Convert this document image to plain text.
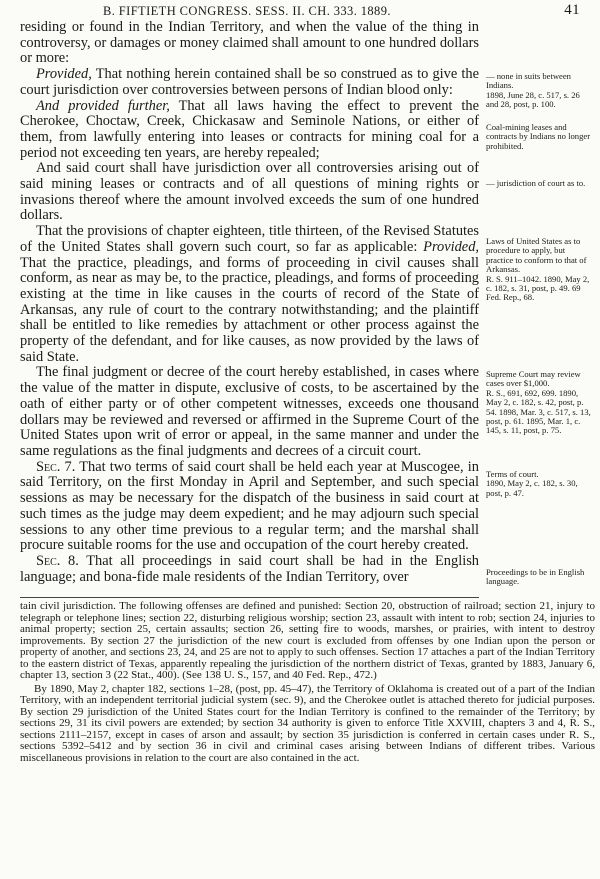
B. FIFTIETH CONGRESS. SESS. II. CH. 333. 1889.	41

residing or found in the Indian Territory, and when the value of the thing in controversy, or damages or money claimed shall amount to one hundred dollars or more:

Provided, That nothing herein contained shall be so construed as to give the court jurisdiction over controversies between persons of Indian blood only:

And provided further, That all laws having the effect to prevent the Cherokee, Choctaw, Creek, Chickasaw and Seminole Nations, or either of them, from lawfully entering into leases or contracts for mining coal for a period not exceeding ten years, are hereby repealed;

And said court shall have jurisdiction over all controversies arising out of said mining leases or contracts and of all questions of mining rights or invasions thereof where the amount involved exceeds the sum of one hundred dollars.

That the provisions of chapter eighteen, title thirteen, of the Revised Statutes of the United States shall govern such court, so far as applicable: Provided, That the practice, pleadings, and forms of proceeding in civil causes shall conform, as near as may be, to the practice, pleadings, and forms of proceeding existing at the time in like causes in the courts of record of the State of Arkansas, any rule of court to the contrary notwithstanding; and the plaintiff shall be entitled to like remedies by attachment or other process against the property of the defendant, and for like causes, as now provided by the laws of said State.

The final judgment or decree of the court hereby established, in cases where the value of the matter in dispute, exclusive of costs, to be ascertained by the oath of either party or of other competent witnesses, exceeds one thousand dollars may be reviewed and reversed or affirmed in the Supreme Court of the United States upon writ of error or appeal, in the same manner and under the same regulations as the final judgments and decrees of a circuit court.

Sec. 7. That two terms of said court shall be held each year at Muscogee, in said Territory, on the first Monday in April and September, and such special sessions as may be necessary for the dispatch of the business in said court at such times as the judge may deem expedient; and he may adjourn such special sessions to any other time previous to a regular term; and the marshal shall procure suitable rooms for the use and occupation of the court hereby created.

Sec. 8. That all proceedings in said court shall be had in the English language; and bona-fide male residents of the Indian Territory, over

— none in suits between Indians.
1898, June 28, c. 517, s. 26 and 28, post, p. 100.
Coal-mining leases and contracts by Indians no longer prohibited.
— jurisdiction of court as to.
Laws of United States as to procedure to apply, but practice to conform to that of Arkansas.
R. S. 911–1042. 1890, May 2, c. 182, s. 31, post, p. 49. 69 Fed. Rep., 68.
Supreme Court may review cases over $1,000.
R. S., 691, 692, 699. 1890, May 2, c. 182, s. 42, post, p. 54. 1898, Mar. 3, c. 517, s. 13, post, p. 61. 1895, Mar. 1, c. 145, s. 11, post, p. 75.
Terms of court.
1890, May 2, c. 182, s. 30, post, p. 47.
Proceedings to be in English language.

tain civil jurisdiction. The following offenses are defined and punished: Section 20, obstruction of railroad; section 21, injury to telegraph or telephone lines; section 22, disturbing religious worship; section 23, assault with intent to rob; section 24, injuries to animal property; section 25, certain assaults; section 26, setting fire to woods, marshes, or prairies, with intent to destroy improvements. By section 27 the jurisdiction of the new court is excluded from offenses by one Indian upon the person or property of another, and sections 23, 24, and 25 are not to apply to such offenses. Section 17 attaches a part of the Indian Territory to the eastern district of Texas, apparently repealing the jurisdiction of the northern district of Texas, granted by 1883, January 6, chapter 13, section 3 (22 Stat., 400). (See 138 U. S., 157, and 40 Fed. Rep., 472.)

By 1890, May 2, chapter 182, sections 1–28, (post, pp. 45–47), the Territory of Oklahoma is created out of a part of the Indian Territory, with an independent territorial judicial system (sec. 9), and the Cherokee outlet is attached thereto for judicial purposes. By section 29 jurisdiction of the United States court for the Indian Territory is confined to the remainder of the Territory; by sections 29, 31 its civil powers are extended; by section 34 authority is given to enforce Title XXVIII, chapters 3 and 4, R. S., sections 2111–2157, except in cases of arson and assault; by section 35 jurisdiction is conferred in certain cases under R. S., sections 5392–5412 and by section 36 in civil and criminal cases arising between Indians of different tribes. Various miscellaneous provisions in relation to the court are also contained in the act.
